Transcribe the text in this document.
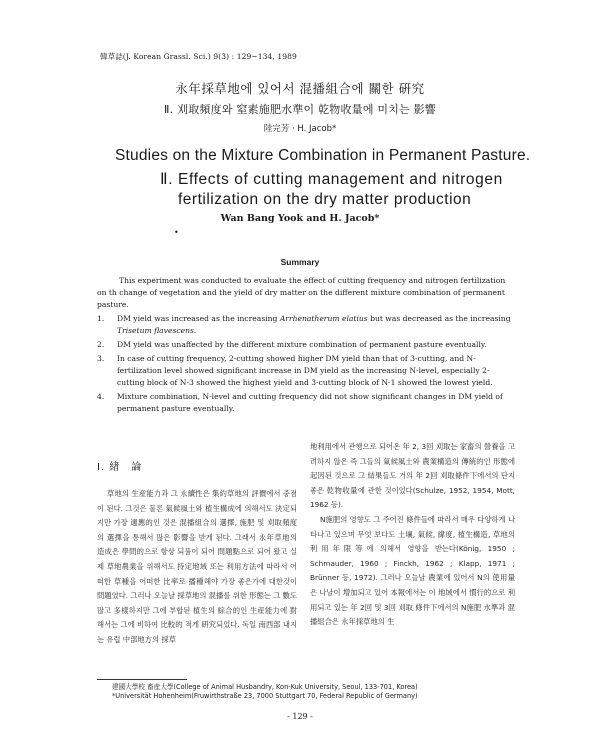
韓草誌(J. Korean Grassl. Sci.) 9(3) : 129~134, 1989
永年採草地에 있어서 混播組合에 關한 硏究
Ⅱ. 刈取頻度와 窒素施肥水準이 乾物收量에 미치는 影響
陸完芳 · H. Jacob*
Studies on the Mixture Combination in Permanent Pasture.
Ⅱ. Effects of cutting management and nitrogen
fertilization on the dry matter production
Wan Bang Yook and H. Jacob*
•
Summary

This experiment was conducted to evaluate the effect of cutting frequency and nitrogen fertilization on th change of vegetation and the yield of dry matter on the different mixture combination of permanent pasture.

1.	DM yield was increased as the increasing Arrhenatherum elatius but was decreased as the increasing Trisetum flavescens.
2.	DM yield was unaffected by the different mixture combination of permanent pasture eventually.
3.	In case of cutting frequency, 2-cutting showed higher DM yield than that of 3-cutting, and N-fertilization level showed significant increase in DM yield as the increasing N-level, especially 2-cutting block of N-3 showed the highest yield and 3-cutting block of N-1 showed the lowest yield.
4.	Mixture combination, N-level and cutting frequency did not show significant changes in DM yield of permanent pasture eventually.
Ⅰ. 緖　論

草地의 生産能力과 그 永續性은 集約草地의 評價에서 중점이 된다. 그것은 물론 氣候風土와 植生構成에 의해서도 決定되지만 가장 適應的인 것은 混播組合의 選擇, 施肥 및 刈取頻度의 選擇을 통해서 많은 影響을 받게 된다. 그래서 永年草地의 造成은 學問的으로 항상 되풀이 되어 問題點으로 되어 왔고 실제 草地農業을 위해서도 持定地域 또는 利用方法에 따라서 어떠한 草種을 어떠한 比率로 播種해야 가장 좋은가에 대한것이 問題였다. 그러나 오늘날 採草地의 混播를 위한 形態는 그 數도 많고 多樣하지만 그에 부합된 植生의 綜合的인 生産能力에 對해서는 그에 비하여 比較的 적게 硏究되었다. 독일 南西部 내지는 유럽 中部地方의 採草

地利用에서 관행으로 되어온 年 2, 3回 刈取는 家畜의 營養을 고려하지 않은 즉 그들의 氣候風土와 農業構造의 傳統的인 形態에 起因된 것으로 그 結果들도 거의 年 2回 刈取條件下에서의 단지 좋은 乾物收量에 관한 것이었다(Schulze, 1952, 1954, Mott, 1962 등).

N施肥의 영향도 그 주어진 條件들에 따라서 매우 다양하게 나타나고 있으며 무엇 보다도 土壤, 氣候, 緯度, 植生構造, 草地의 利用年限等에 의해서 영향을 받는다(König, 1950 ; Schmauder, 1960 ; Finckh, 1962 ; Klapp, 1971 ; Brünner 등, 1972). 그러나 오늘날 農業에 있어서 N의 使用量은 나날이 增加되고 있어 本報에서는 이 地域에서 慣行的으로 利用되고 있는 年 2回 및 3回 刈取 條件下에서의 N施肥 水準과 混播組合은 永年採草地의 生

建國大學校 畜産大學(College of Animal Husbandry, Kon-Kuk University, Seoul, 133-701, Korea)
*Universität Hohenheim(Fruwirthstraße 23, 7000 Stuttgart 70, Federal Republic of Germany)
- 129 -
